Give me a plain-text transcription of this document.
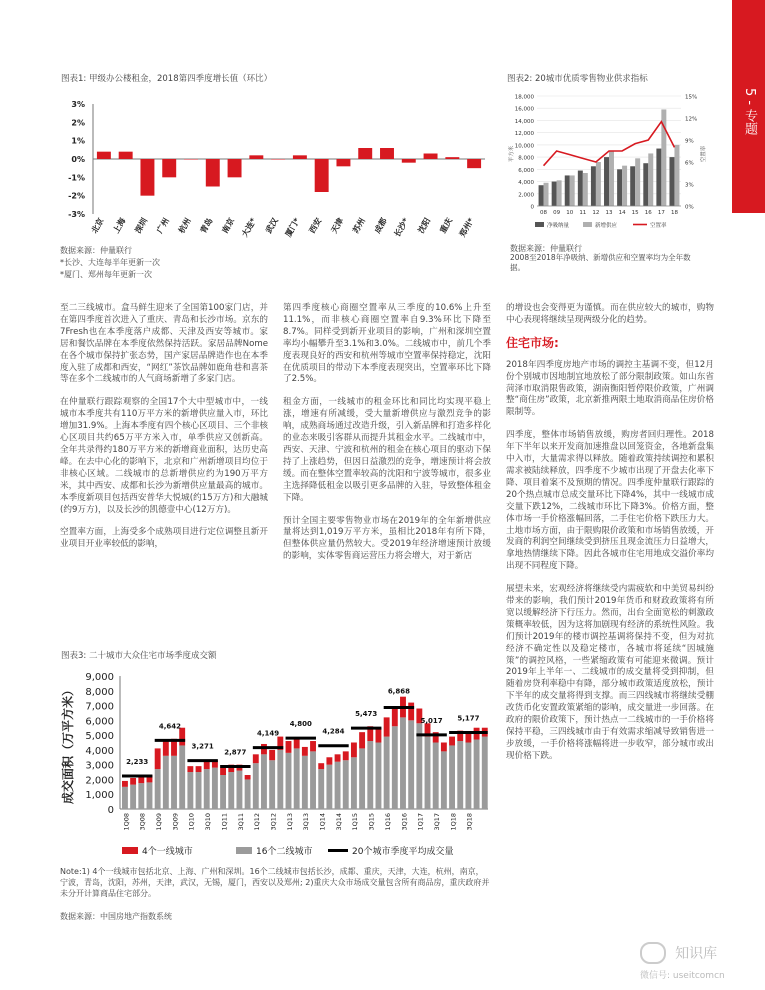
5 - 专题
图表1: 甲级办公楼租金，2018第四季度增长值（环比）
3%
2%
1%
0%
-1%
-2%
-3%
北京 上海 深圳 广州 杭州 青岛 南京 大连* 武汉 厦门* 西安 天津 苏州 成都 长沙* 沈阳 重庆 郑州*
数据来源：仲量联行
*长沙、大连每半年更新一次
*厦门、郑州每年更新一次
图表2: 20城市优质零售物业供求指标
18,000
16,000
14,000
12,000
10,000
8,000
6,000
4,000
2,000
0
15%
12%
9%
6%
3%
0%
平方米	空置率
08 09 10 11 12 13 14 15 16 17 18
净吸纳量	新增供应	空置率
数据来源：仲量联行
2008至2018年净吸纳、新增供应和空置率均为全年数据。

至二三线城市。盒马鲜生迎来了全国第100家门店，并在第四季度首次进入了重庆、青岛和长沙市场。京东的7Fresh也在本季度落户成都、天津及西安等城市。家居和餐饮品牌在本季度依然保持活跃。家居品牌Nome在各个城市保持扩张态势，国产家居品牌造作也在本季度入驻了成都和西安，“网红”茶饮品牌如鹿角巷和喜茶等在多个二线城市的人气商场新增了多家门店。

在仲量联行跟踪观察的全国17个大中型城市中，一线城市本季度共有110万平方米的新增供应量入市，环比增加31.9%。上海本季度有四个核心区项目、三个非核心区项目共约65万平方米入市，单季供应又创新高。全年共录得约180万平方米的新增商业面积，达历史高峰。在去中心化的影响下，北京和广州新增项目均位于非核心区域。二线城市的总新增供应约为190万平方米，其中西安、成都和长沙为新增供应量最高的城市。本季度新项目包括西安普华大悦城(约15万方)和大融城(约9万方)，以及长沙的凯德壹中心(12万方)。

空置率方面，上海受多个成熟项目进行定位调整且新开业项目开业率较低的影响，

第四季度核心商圈空置率从三季度的10.6%上升至11.1%，而非核心商圈空置率自9.3%环比下降至8.7%。同样受到新开业项目的影响，广州和深圳空置率均小幅攀升至3.1%和3.0%。二线城市中，前几个季度表现良好的西安和杭州等城市空置率保持稳定，沈阳在优质项目的带动下本季度表现突出，空置率环比下降了2.5%。

租金方面，一线城市的租金环比和同比均实现平稳上涨，增速有所减缓，受大量新增供应与激烈竞争的影响，成熟商场通过改造升级，引入新品牌和打造多样化的业态来吸引客群从而提升其租金水平。二线城市中，西安、天津、宁波和杭州的租金在核心项目的驱动下保持了上涨趋势，但因日益激烈的竞争，增速预计将会放缓。而在整体空置率较高的沈阳和宁波等城市，很多业主选择降低租金以吸引更多品牌的入驻，导致整体租金下降。

预计全国主要零售物业市场在2019年的全年新增供应量将达到1,019万平方米，虽相比2018年有所下降，但整体供应量仍然较大。受2019年经济增速预计放缓的影响，实体零售商运营压力将会增大，对于新店

的增设也会变得更为谨慎。而在供应较大的城市，购物中心表现将继续呈现两级分化的趋势。

住宅市场:

2018年四季度房地产市场的调控主基调不变，但12月份个别城市因地制宜地放松了部分限制政策。如山东省菏泽市取消限售政策，湖南衡阳暂停限价政策，广州调整“商住房”政策，北京新推两限土地取消商品住房价格限制等。

四季度，整体市场销售放缓，购房者回归理性。2018年下半年以来开发商加速推盘以回笼资金，各地新盘集中入市，大量需求得以释放。随着政策持续调控和累积需求被陆续释放，四季度不少城市出现了开盘去化率下降、项目着案不及预期的情况。四季度仲量联行跟踪的20个热点城市总成交量环比下降4%，其中一线城市成交量下跌12%，二线城市环比下降3%。价格方面，整体市场一手价格涨幅回落，二手住宅价格下跌压力大。土地市场方面，由于限购限价政策和市场销售放缓，开发商的利润空间继续受到挤压且现金流压力日益增大，拿地热情继续下降。因此各城市住宅用地成交溢价率均出现不同程度下降。

展望未来，宏观经济将继续受内需疲软和中美贸易纠纷带来的影响，我们预计2019年货币和财政政策将有所宽以缓解经济下行压力。然而，出台全面宽松的刺激政策概率较低，因为这将加剧现有经济的系统性风险。我们预计2019年的楼市调控基调将保持不变，但为对抗经济不确定性以及稳定楼市，各城市将延续“因城施策”的调控风格，一些紧缩政策有可能迎来微调。预计2019年上半年一、二线城市的成交量将受到抑制，但随着房贷利率稳中有降，部分城市政策适度放松，预计下半年的成交量将得到支撑。而三四线城市将继续受棚改货币化安置政策紧缩的影响，成交量进一步回落。在政府的限价政策下，预计热点一二线城市的一手价格将保持平稳，三四线城市由于有效需求缩减导致销售进一步放缓，一手价格将涨幅将进一步收窄，部分城市或出现价格下跌。

图表3: 二十城市大众住宅市场季度成交额
成交面积（万平方米）
9,000
8,000
7,000
6,000
5,000
4,000
3,000
2,000
1,000
0
2,233
4,642
3,271
2,877
4,149
4,800
4,284
5,473
6,868
5,017 5,177
1Q08 3Q08 1Q09 3Q09 1Q10 3Q10 1Q11 3Q11 1Q12 3Q12 1Q13 3Q13 1Q14 3Q14 1Q15 3Q15 1Q16 3Q16 1Q17 3Q17 1Q18 3Q18
4个一线城市	16个二线城市	20个城市季度平均成交量
Note:1) 4个一线城市包括北京、上海、广州和深圳。16个二线城市包括长沙，成都、重庆，天津，大连，杭州，南京，宁波，青岛，沈阳，苏州，天津，武汉，无锡，厦门，西安以及郑州; 2)重庆大众市场成交量包含所有商品房，重庆政府并未分开计算商品住宅部分。
数据来源：中国房地产指数系统
知识库
微信号: useitcomcn
